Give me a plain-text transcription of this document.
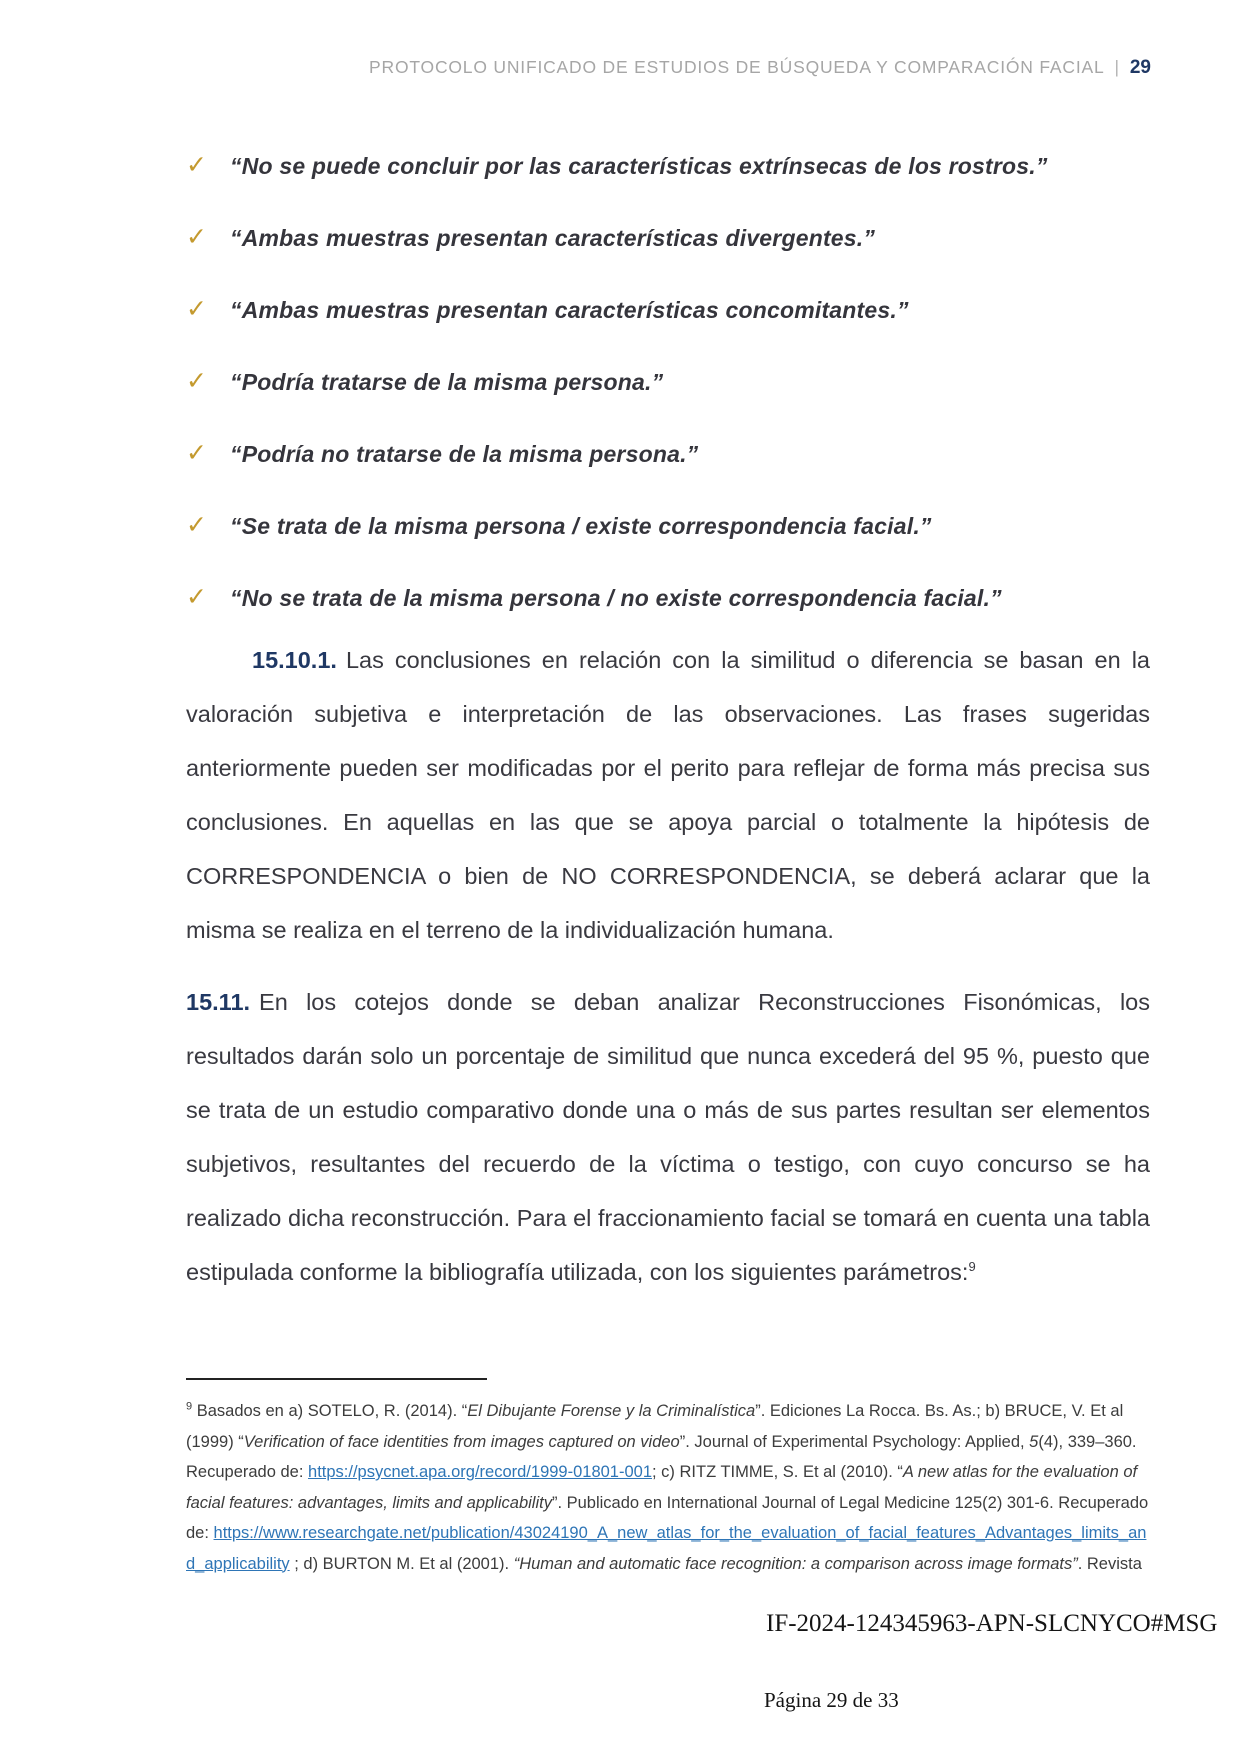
PROTOCOLO UNIFICADO DE ESTUDIOS DE BÚSQUEDA Y COMPARACIÓN FACIAL | 29
✓	“No se puede concluir por las características extrínsecas de los rostros.”
✓	“Ambas muestras presentan características divergentes.”
✓	“Ambas muestras presentan características concomitantes.”
✓	“Podría tratarse de la misma persona.”
✓	“Podría no tratarse de la misma persona.”
✓	“Se trata de la misma persona / existe correspondencia facial.”
✓	“No se trata de la misma persona / no existe correspondencia facial.”

15.10.1. Las conclusiones en relación con la similitud o diferencia se basan en la valoración subjetiva e interpretación de las observaciones. Las frases sugeridas anteriormente pueden ser modificadas por el perito para reflejar de forma más precisa sus conclusiones. En aquellas en las que se apoya parcial o totalmente la hipótesis de CORRESPONDENCIA o bien de NO CORRESPONDENCIA, se deberá aclarar que la misma se realiza en el terreno de la individualización humana.

15.11. En los cotejos donde se deban analizar Reconstrucciones Fisonómicas, los resultados darán solo un porcentaje de similitud que nunca excederá del 95 %, puesto que se trata de un estudio comparativo donde una o más de sus partes resultan ser elementos subjetivos, resultantes del recuerdo de la víctima o testigo, con cuyo concurso se ha realizado dicha reconstrucción. Para el fraccionamiento facial se tomará en cuenta una tabla estipulada conforme la bibliografía utilizada, con los siguientes parámetros:$^9$

$^9$ Basados en a) SOTELO, R. (2014). “El Dibujante Forense y la Criminalística”. Ediciones La Rocca. Bs. As.; b) BRUCE, V. Et al (1999) “Verification of face identities from images captured on video”. Journal of Experimental Psychology: Applied, 5(4), 339–360. Recuperado de: https://psycnet.apa.org/record/1999-01801-001; c) RITZ TIMME, S. Et al (2010). “A new atlas for the evaluation of facial features: advantages, limits and applicability”. Publicado en International Journal of Legal Medicine 125(2) 301-6. Recuperado de: https://www.researchgate.net/publication/43024190_A_new_atlas_for_the_evaluation_of_facial_features_Advantages_limits_and_applicability ; d) BURTON M. Et al (2001). “Human and automatic face recognition: a comparison across image formats”. Revista

IF-2024-124345963-APN-SLCNYCO#MSG
Página 29 de 33
